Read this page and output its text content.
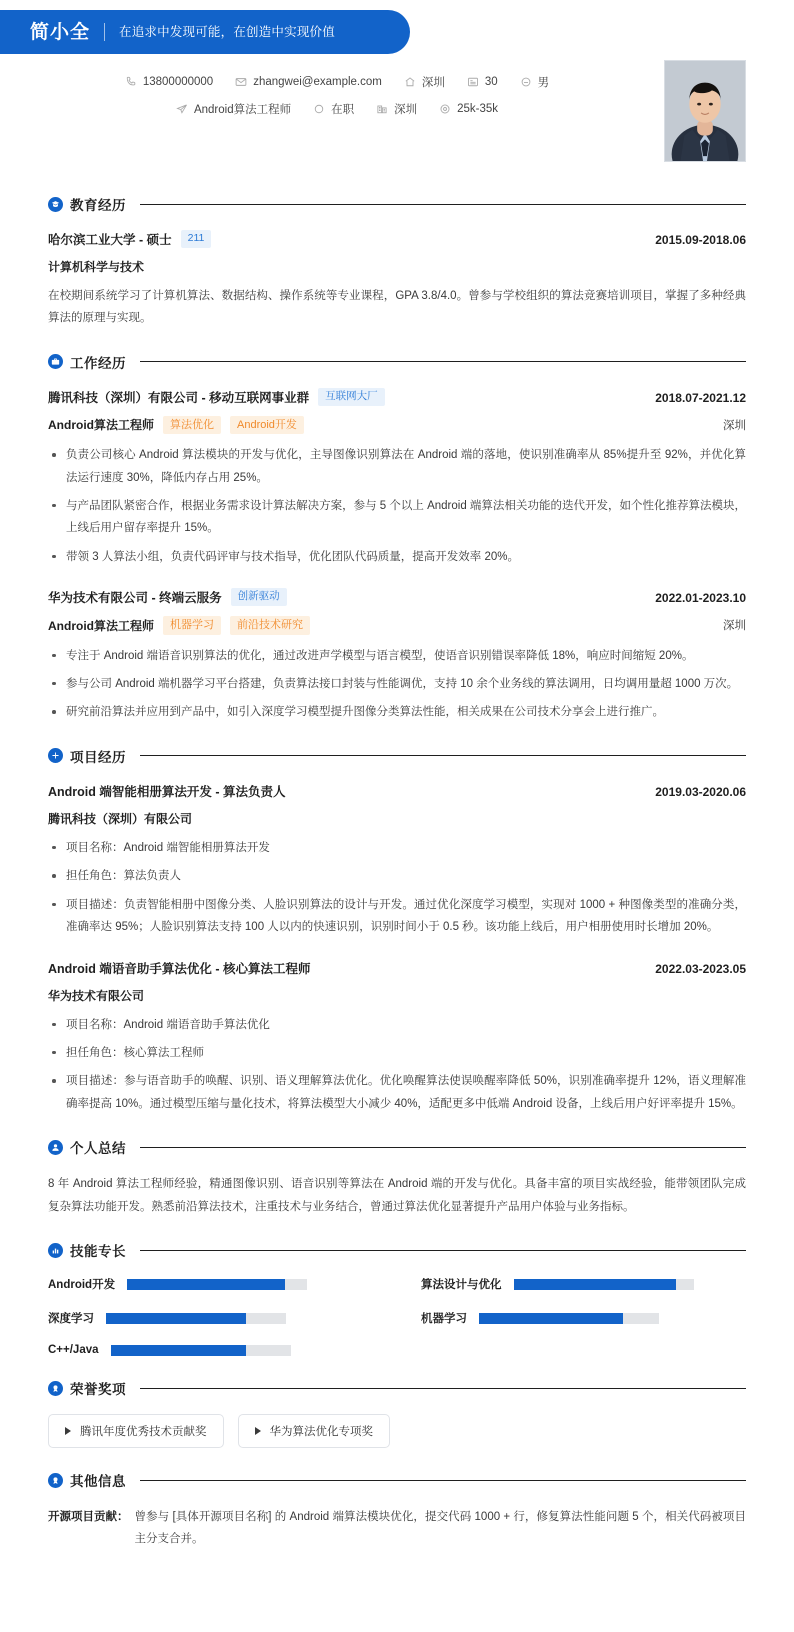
简小全 在追求中发现可能，在创造中实现价值
13800000000	zhangwei@example.com	深圳	30	男
Android算法工程师	在职	深圳	25k-35k
教育经历
哈尔滨工业大学 - 硕士	211	2015.09-2018.06
计算机科学与技术
在校期间系统学习了计算机算法、数据结构、操作系统等专业课程，GPA 3.8/4.0。曾参与学校组织的算法竞赛培训项目，掌握了多种经典算法的原理与实现。
工作经历
腾讯科技（深圳）有限公司 - 移动互联网事业群	互联网大厂	2018.07-2021.12
Android算法工程师	算法优化	Android开发	深圳
负责公司核心 Android 算法模块的开发与优化，主导图像识别算法在 Android 端的落地，使识别准确率从 85%提升至 92%，并优化算法运行速度 30%，降低内存占用 25%。
与产品团队紧密合作，根据业务需求设计算法解决方案，参与 5 个以上 Android 端算法相关功能的迭代开发，如个性化推荐算法模块，上线后用户留存率提升 15%。
带领 3 人算法小组，负责代码评审与技术指导，优化团队代码质量，提高开发效率 20%。
华为技术有限公司 - 终端云服务	创新驱动	2022.01-2023.10
Android算法工程师	机器学习	前沿技术研究	深圳
专注于 Android 端语音识别算法的优化，通过改进声学模型与语言模型，使语音识别错误率降低 18%，响应时间缩短 20%。
参与公司 Android 端机器学习平台搭建，负责算法接口封装与性能调优，支持 10 余个业务线的算法调用，日均调用量超 1000 万次。
研究前沿算法并应用到产品中，如引入深度学习模型提升图像分类算法性能，相关成果在公司技术分享会上进行推广。
项目经历
Android 端智能相册算法开发 - 算法负责人	2019.03-2020.06
腾讯科技（深圳）有限公司
项目名称：Android 端智能相册算法开发
担任角色：算法负责人
项目描述：负责智能相册中图像分类、人脸识别算法的设计与开发。通过优化深度学习模型，实现对 1000 + 种图像类型的准确分类，准确率达 95%；人脸识别算法支持 100 人以内的快速识别，识别时间小于 0.5 秒。该功能上线后，用户相册使用时长增加 20%。
Android 端语音助手算法优化 - 核心算法工程师	2022.03-2023.05
华为技术有限公司
项目名称：Android 端语音助手算法优化
担任角色：核心算法工程师
项目描述：参与语音助手的唤醒、识别、语义理解算法优化。优化唤醒算法使误唤醒率降低 50%，识别准确率提升 12%，语义理解准确率提高 10%。通过模型压缩与量化技术，将算法模型大小减少 40%，适配更多中低端 Android 设备，上线后用户好评率提升 15%。
个人总结
8 年 Android 算法工程师经验，精通图像识别、语音识别等算法在 Android 端的开发与优化。具备丰富的项目实战经验，能带领团队完成复杂算法功能开发。熟悉前沿算法技术，注重技术与业务结合，曾通过算法优化显著提升产品用户体验与业务指标。
技能专长
Android开发	算法设计与优化
深度学习	机器学习
C++/Java
荣誉奖项
腾讯年度优秀技术贡献奖	华为算法优化专项奖
其他信息
开源项目贡献： 曾参与 [具体开源项目名称] 的 Android 端算法模块优化，提交代码 1000 + 行，修复算法性能问题 5 个，相关代码被项目主分支合并。
